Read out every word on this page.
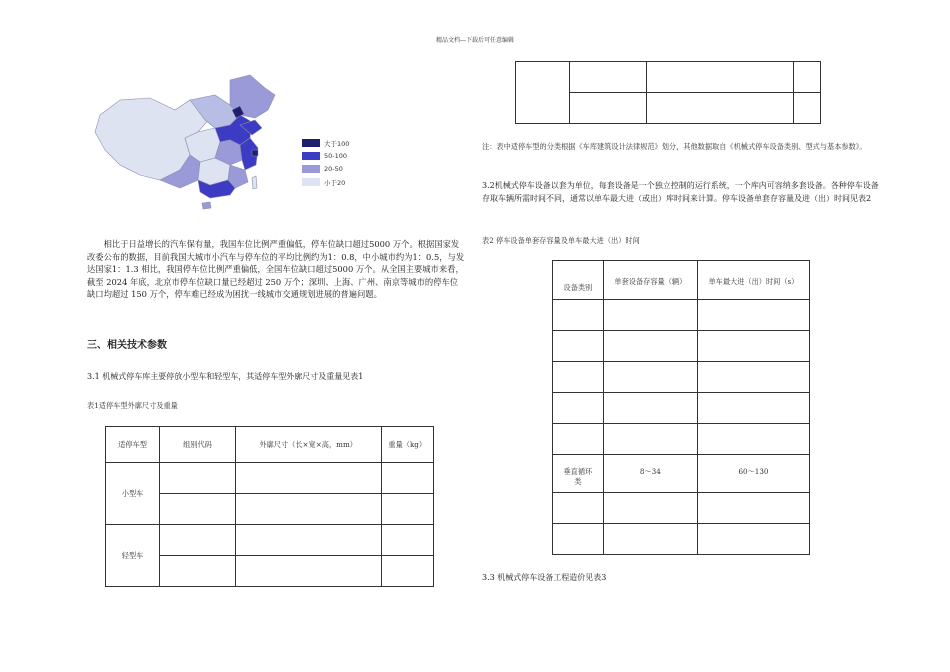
精品文档---下载后可任意编辑
大于100
50-100
20-50
小于20
相比于日益增长的汽车保有量，我国车位比例严重偏低，停车位缺口超过5000 万个。根据国家发改委公布的数据，目前我国大城市小汽车与停车位的平均比例约为1：0.8，中小城市约为1：0.5，与发达国家1：1.3 相比，我国停车位比例严重偏低，全国车位缺口超过5000 万个。从全国主要城市来看，截至 2024 年底，北京市停车位缺口量已经超过 250 万个；深圳、上海、广州、南京等城市的停车位缺口均超过 150 万个，停车难已经成为困扰一线城市交通规划进展的普遍问题。
三、相关技术参数
3.1 机械式停车库主要停放小型车和轻型车，其适停车型外廓尺寸及重量见表1
表1适停车型外廓尺寸及重量
适停车型	组别代码	外廓尺寸（长×宽×高，mm）	重量（kg）
小型车			

轻型车			

注：表中适停车型的分类根据《车库建筑设计法律规范》划分，其他数据取自《机械式停车设备类别、型式与基本参数》。
3.2机械式停车设备以套为单位，每套设备是一个独立控制的运行系统，一个库内可容纳多套设备。各种停车设备存取车辆所需时间不同，通常以单车最大进（或出）库时间来计算。停车设备单套存容量及进（出）时间见表2
表2 停车设备单套存容量及单车最大进（出）时间
设备类别	单套设备存容量（辆）	单车最大进（出）时间（s）

垂直循环类	8～34	60～130

3.3 机械式停车设备工程造价见表3
